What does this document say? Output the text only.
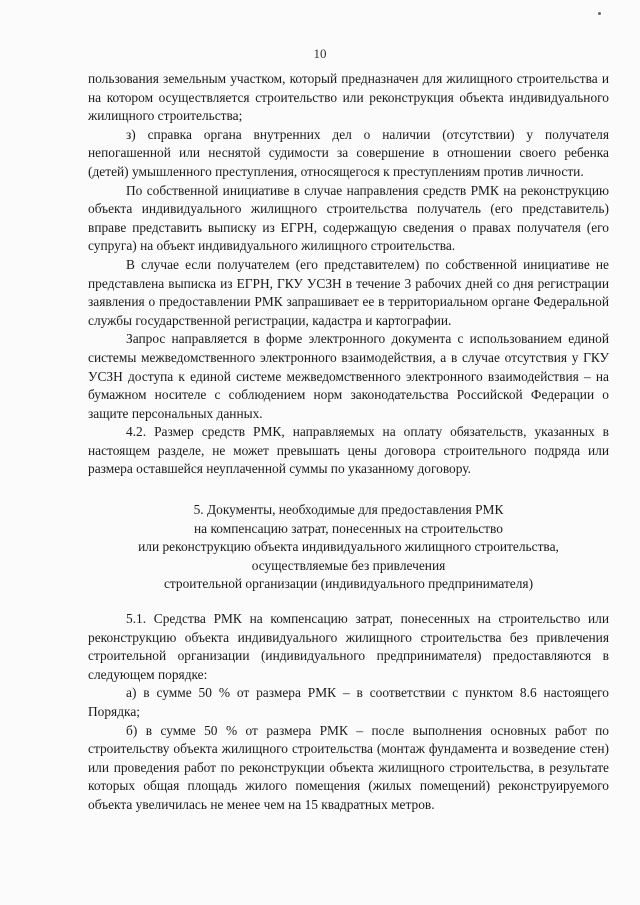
10

пользования земельным участком, который предназначен для жилищного строительства и на котором осуществляется строительство или реконструкция объекта индивидуального жилищного строительства;

з) справка органа внутренних дел о наличии (отсутствии) у получателя непогашенной или неснятой судимости за совершение в отношении своего ребенка (детей) умышленного преступления, относящегося к преступлениям против личности.

По собственной инициативе в случае направления средств РМК на реконструкцию объекта индивидуального жилищного строительства получатель (его представитель) вправе представить выписку из ЕГРН, содержащую сведения о правах получателя (его супруга) на объект индивидуального жилищного строительства.

В случае если получателем (его представителем) по собственной инициативе не представлена выписка из ЕГРН, ГКУ УСЗН в течение 3 рабочих дней со дня регистрации заявления о предоставлении РМК запрашивает ее в территориальном органе Федеральной службы государственной регистрации, кадастра и картографии.

Запрос направляется в форме электронного документа с использованием единой системы межведомственного электронного взаимодействия, а в случае отсутствия у ГКУ УСЗН доступа к единой системе межведомственного электронного взаимодействия – на бумажном носителе с соблюдением норм законодательства Российской Федерации о защите персональных данных.

4.2. Размер средств РМК, направляемых на оплату обязательств, указанных в настоящем разделе, не может превышать цены договора строительного подряда или размера оставшейся неуплаченной суммы по указанному договору.

5. Документы, необходимые для предоставления РМК
на компенсацию затрат, понесенных на строительство
или реконструкцию объекта индивидуального жилищного строительства,
осуществляемые без привлечения
строительной организации (индивидуального предпринимателя)

5.1. Средства РМК на компенсацию затрат, понесенных на строительство или реконструкцию объекта индивидуального жилищного строительства без привлечения строительной организации (индивидуального предпринимателя) предоставляются в следующем порядке:

а) в сумме 50 % от размера РМК – в соответствии с пунктом 8.6 настоящего Порядка;

б) в сумме 50 % от размера РМК – после выполнения основных работ по строительству объекта жилищного строительства (монтаж фундамента и возведение стен) или проведения работ по реконструкции объекта жилищного строительства, в результате которых общая площадь жилого помещения (жилых помещений) реконструируемого объекта увеличилась не менее чем на 15 квадратных метров.
